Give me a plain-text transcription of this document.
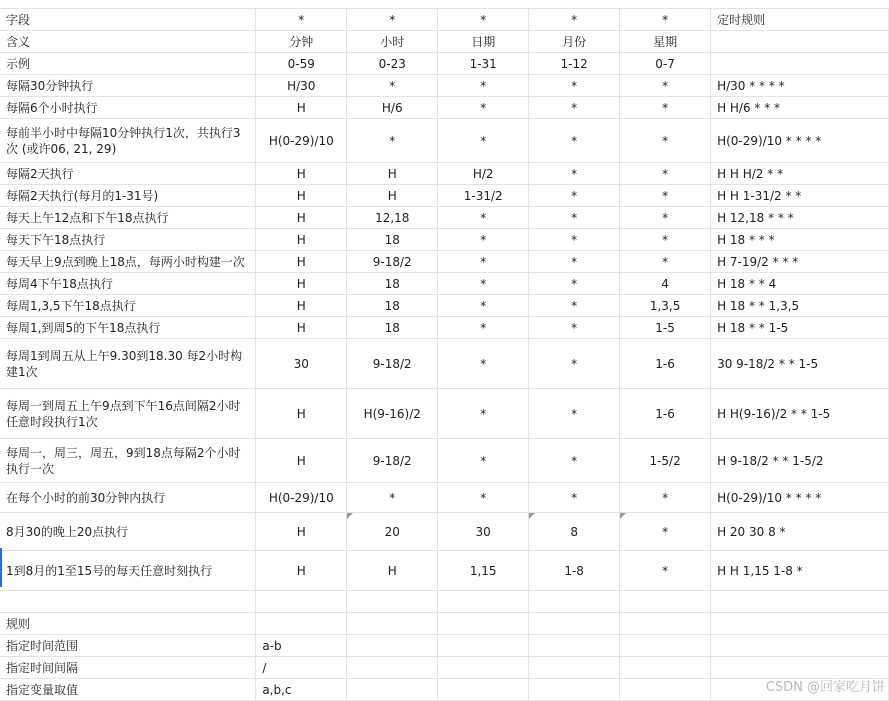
字段	*	*	*	*	*	定时规则
含义	分钟	小时	日期	月份	星期	
示例	0-59	0-23	1-31	1-12	0-7	
每隔30分钟执行	H/30	*	*	*	*	H/30 * * * *
每隔6个小时执行	H	H/6	*	*	*	H H/6 * * *
每前半小时中每隔10分钟执行1次，共执行3次 (或许06, 21, 29)	H(0-29)/10	*	*	*	*	H(0-29)/10 * * * *
每隔2天执行	H	H	H/2	*	*	H H H/2 * *
每隔2天执行(每月的1-31号)	H	H	1-31/2	*	*	H H 1-31/2 * *
每天上午12点和下午18点执行	H	12,18	*	*	*	H 12,18 * * *
每天下午18点执行	H	18	*	*	*	H 18 * * *
每天早上9点到晚上18点，每两小时构建一次	H	9-18/2	*	*	*	H 7-19/2 * * *
每周4下午18点执行	H	18	*	*	4	H 18 * * 4
每周1,3,5下午18点执行	H	18	*	*	1,3,5	H 18 * * 1,3,5
每周1,到周5的下午18点执行	H	18	*	*	1-5	H 18 * * 1-5
每周1到周五从上午9.30到18.30 每2小时构建1次	30	9-18/2	*	*	1-6	30 9-18/2 * * 1-5
每周一到周五上午9点到下午16点间隔2小时任意时段执行1次	H	H(9-16)/2	*	*	1-6	H H(9-16)/2 * * 1-5
每周一，周三，周五，9到18点每隔2个小时执行一次	H	9-18/2	*	*	1-5/2	H 9-18/2 * * 1-5/2
在每个小时的前30分钟内执行	H(0-29)/10	*	*	*	*	H(0-29)/10 * * * *
8月30的晚上20点执行	H	20	30	8	*	H 20 30 8 *
1到8月的1至15号的每天任意时刻执行	H	H	1,15	1-8	*	H H 1,15 1-8 *

规则						
指定时间范围	a-b					
指定时间间隔	/					
指定变量取值	a,b,c						CSDN @回家吃月饼
